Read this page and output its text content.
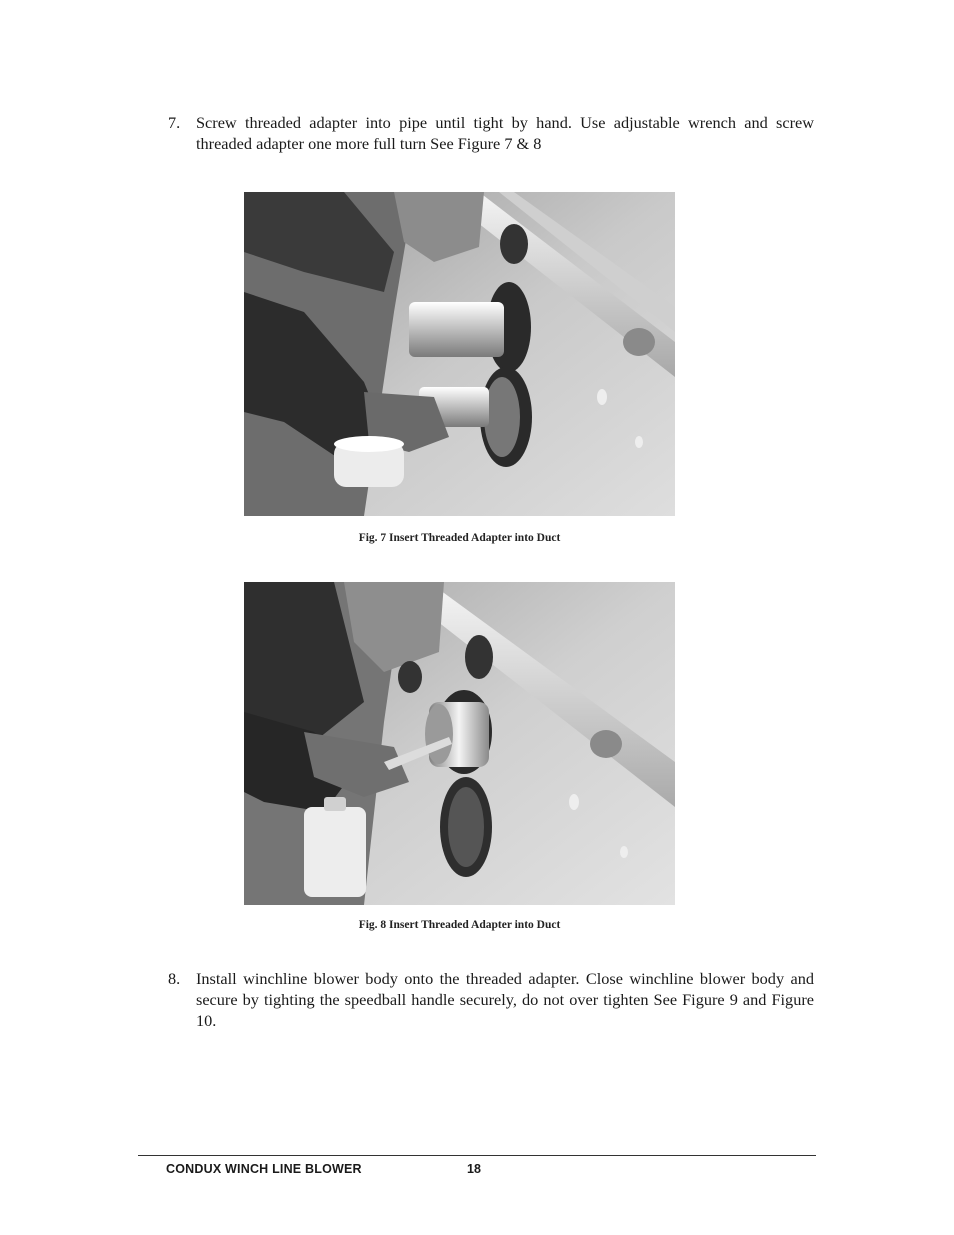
7. Screw threaded adapter into pipe until tight by hand. Use adjustable wrench and screw threaded adapter one more full turn See Figure 7 & 8
Fig. 7 Insert Threaded Adapter into Duct
Fig. 8 Insert Threaded Adapter into Duct
8. Install winchline blower body onto the threaded adapter. Close winchline blower body and secure by tighting the speedball handle securely, do not over tighten See Figure 9 and Figure 10.
CONDUX WINCH LINE BLOWER	18
